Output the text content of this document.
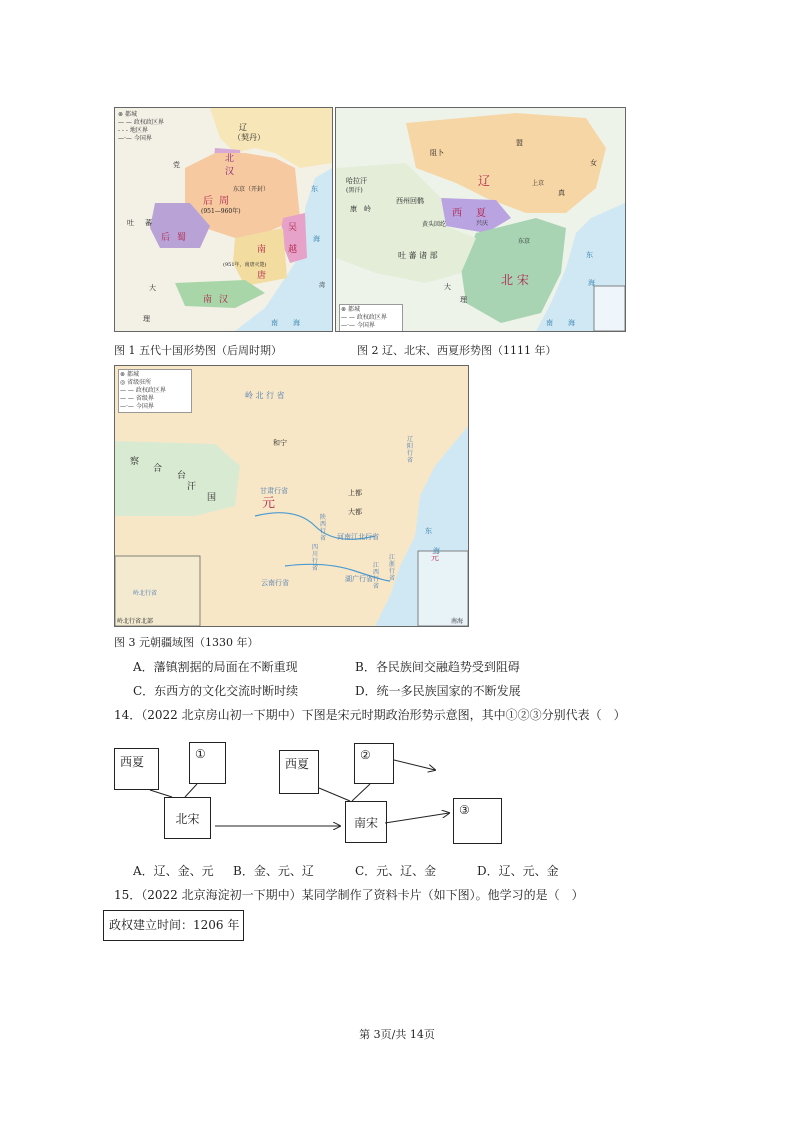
⊚ 都城
— — 政权政区界
- - - 地区界
—·— 今国界
辽
（契丹）
北
汉
后 周
东京（开封）
(951—960年)
党
吐 蕃
后 蜀
吴
越
南
唐
(951年，南唐灭楚)
南 汉
大
理
东
海
南 海
湾
图 1 五代十国形势图（后周时期）
⊚ 都城
— — 政权政区界
—·— 今国界
辽
西 夏
兴庆
北 宋
东京
上京
真
女
阻卜
盟
哈拉汗
(黑汗)
西州回鹘
康 岭
吐 蕃 诸 部
黄头回纥
大
理
东
海
南 海
图 2 辽、北宋、西夏形势图（1111 年）
⊚ 都城
◎ 省级驻所
— — 政权政区界
— — 省级界
—·— 今国界
元
大都
上都
和宁
察
合
台
汗
国
岭 北 行 省
甘肃行省
陕西行省
四川行省
河南江北行省
江浙行省
湖广行省
江西行省
云南行省
辽阳行省
岭北行省
岭北行省北部
东
海
元
南海
图 3 元朝疆域图（1330 年）
A．藩镇割据的局面在不断重现	B．各民族间交融趋势受到阻碍
C．东西方的文化交流时断时续	D．统一多民族国家的不断发展
14．（2022 北京房山初一下期中）下图是宋元时期政治形势示意图，其中①②③分别代表（　）
西夏
①
北宋
西夏
②
南宋
③
A．辽、金、元 B．金、元、辽	C．元、辽、金	D．辽、元、金
15．（2022 北京海淀初一下期中）某同学制作了资料卡片（如下图）。他学习的是（　）
政权建立时间：1206 年
第 3页/共 14页
